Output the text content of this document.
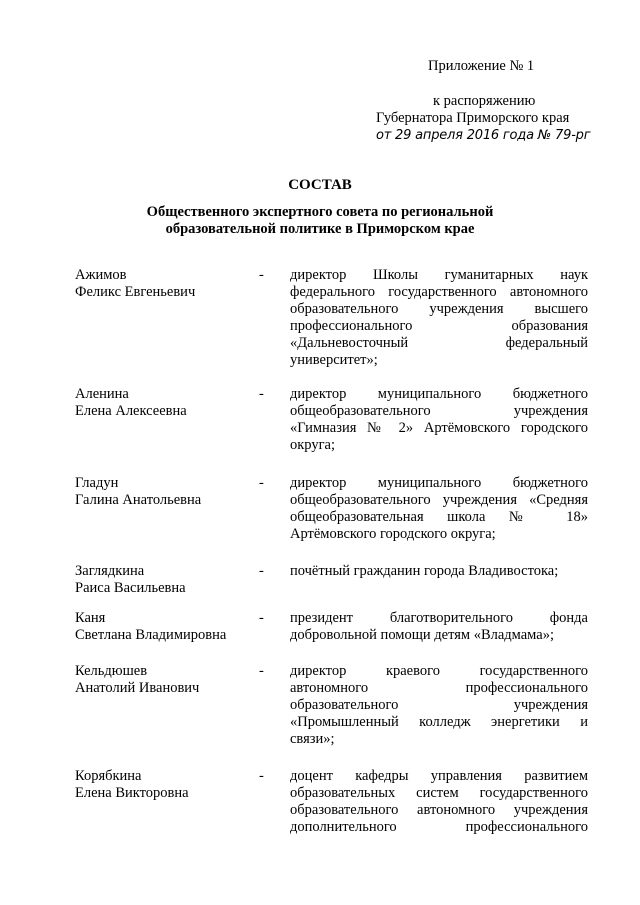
Приложение № 1
к распоряжению
Губернатора Приморского края
от 29 апреля 2016 года № 79-рг
СОСТАВ
Общественного экспертного совета по региональной
образовательной политике в Приморском крае
Ажимов
Феликс Евгеньевич
- директор Школы гуманитарных наук
федерального государственного автономного
образовательного учреждения высшего
профессионального образования
«Дальневосточный федеральный
университет»;
Аленина
Елена Алексеевна
- директор муниципального бюджетного
общеобразовательного учреждения
«Гимназия № 2» Артёмовского городского
округа;
Гладун
Галина Анатольевна
- директор муниципального бюджетного
общеобразовательного учреждения «Средняя
общеобразовательная школа № 18»
Артёмовского городского округа;
Заглядкина
Раиса Васильевна
- почётный гражданин города Владивостока;
Каня
Светлана Владимировна
- президент благотворительного фонда
добровольной помощи детям «Владмама»;
Кельдюшев
Анатолий Иванович
- директор краевого государственного
автономного профессионального
образовательного учреждения
«Промышленный колледж энергетики и
связи»;
Корябкина
Елена Викторовна
- доцент кафедры управления развитием
образовательных систем государственного
образовательного автономного учреждения
дополнительного профессионального
